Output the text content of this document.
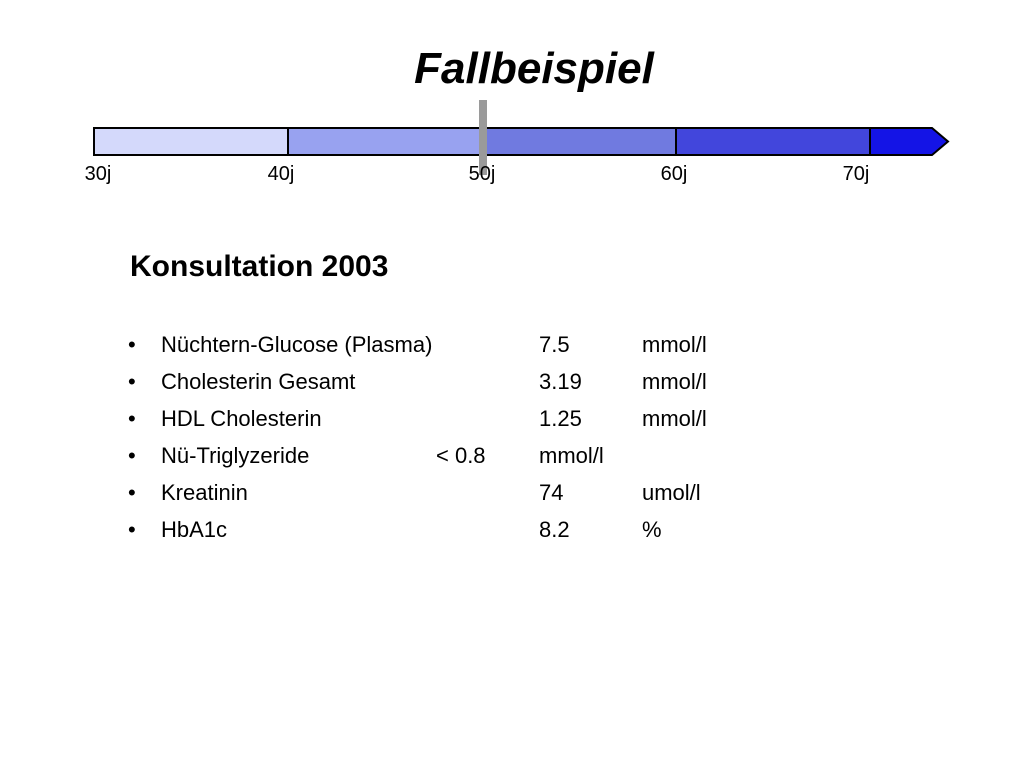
Fallbeispiel
30j	40j	50j	60j	70j
Konsultation 2003
• Nüchtern-Glucose (Plasma)	7.5	mmol/l
• Cholesterin Gesamt	3.19	mmol/l
• HDL Cholesterin	1.25	mmol/l
• Nü-Triglyzeride	< 0.8 mmol/l
• Kreatinin	74	umol/l
• HbA1c	8.2	%
